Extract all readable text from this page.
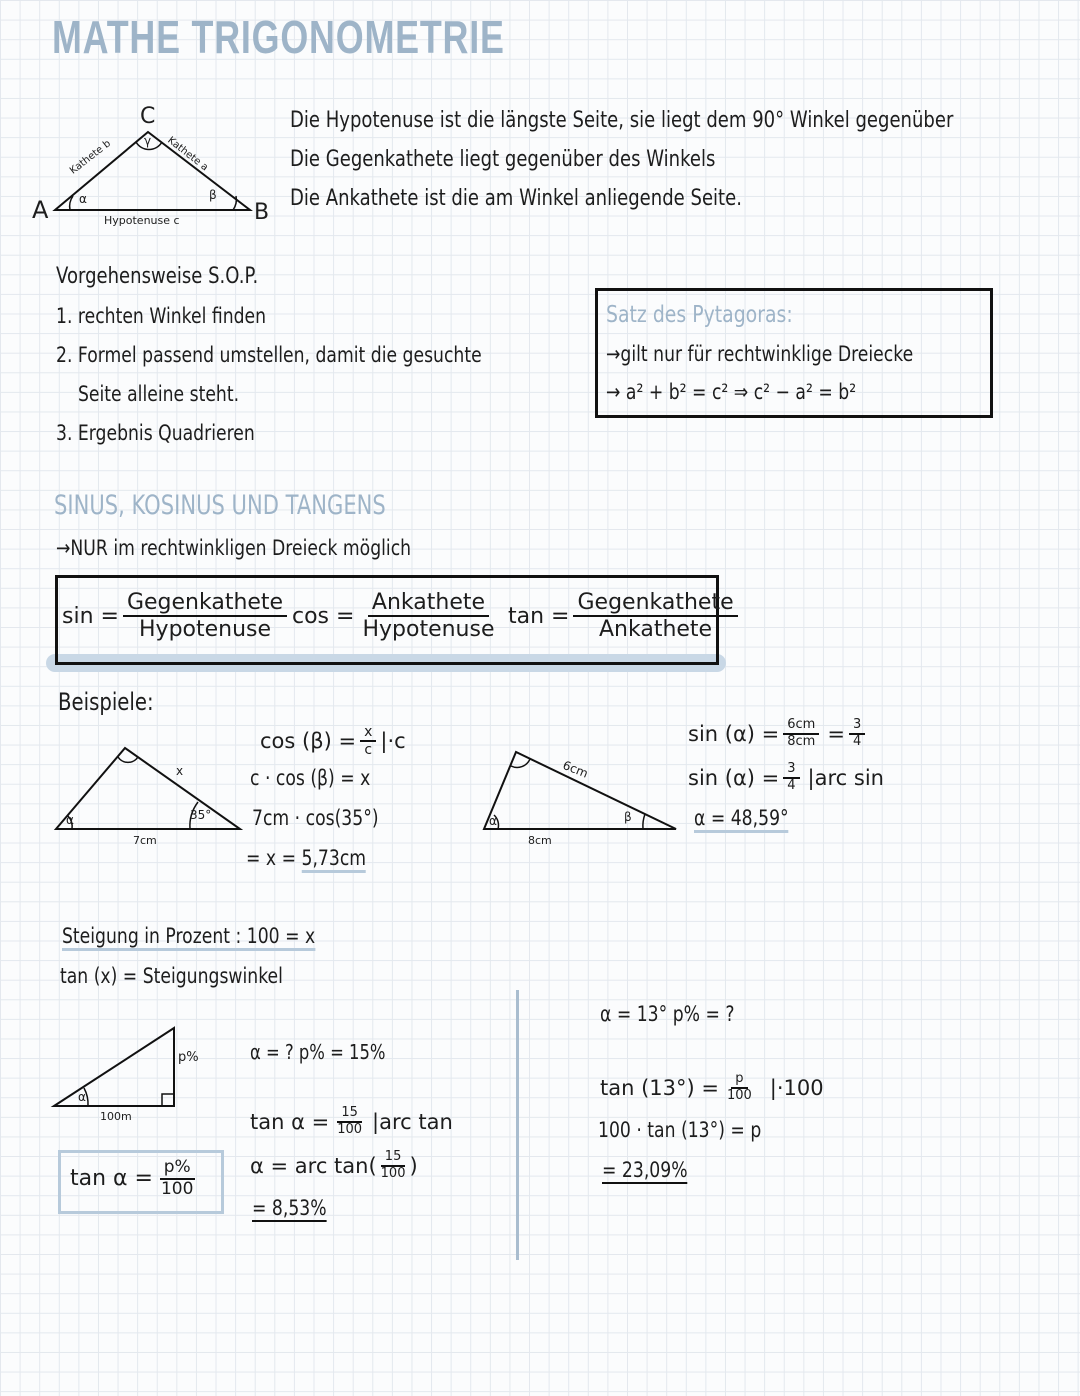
MATHE TRIGONOMETRIE
A	B
C
Kathete b	Kathete a
Hypotenuse c
α	β
γ
Die Hypotenuse ist die längste Seite, sie liegt dem 90° Winkel gegenüber
Die Gegenkathete liegt gegenüber des Winkels
Die Ankathete ist die am Winkel anliegende Seite.
Vorgehensweise S.O.P.
1. rechten Winkel finden
2. Formel passend umstellen, damit die gesuchte
Seite alleine steht.
3. Ergebnis Quadrieren
Satz des Pytagoras:
→gilt nur für rechtwinklige Dreiecke
→ a² + b² = c² ⇒ c² − a² = b²
SINUS, KOSINUS UND TANGENS
→NUR im rechtwinkligen Dreieck möglich
$\sin = \frac{\text{Gegenkathete}}{\text{Hypotenuse}}$ $\cos = \frac{\text{Ankathete}}{\text{Hypotenuse}}$ $\tan = \frac{\text{Gegenkathete}}{\text{Ankathete}}$
Beispiele:
x
7cm
35°
α
$\cos (\beta) = \frac{x}{c} |\cdot c$
c · cos (β) = x
7cm · cos(35°)
= x = 5,73cm
6cm
8cm
α	β
$\sin (\alpha) = \frac{6cm}{8cm} = \frac{3}{4}$
$\sin (\alpha) = \frac{3}{4} |arc$ sin
α = 48,59°
Steigung in Prozent : 100 = x
tan (x) = Steigungswinkel
p%
100m
α
$\tan \alpha = \frac{p\%}{100}$
α = ? p% = 15%
$\tan \alpha = \frac{15}{100} |arc$ tan
α = arc $\tan( \frac{15}{100}$ )
= 8,53%
α = 13° p% = ?
$\tan (13^\circ) = \frac{p}{100} |\cdot 100$
100 · tan (13°) = p
= 23,09%
